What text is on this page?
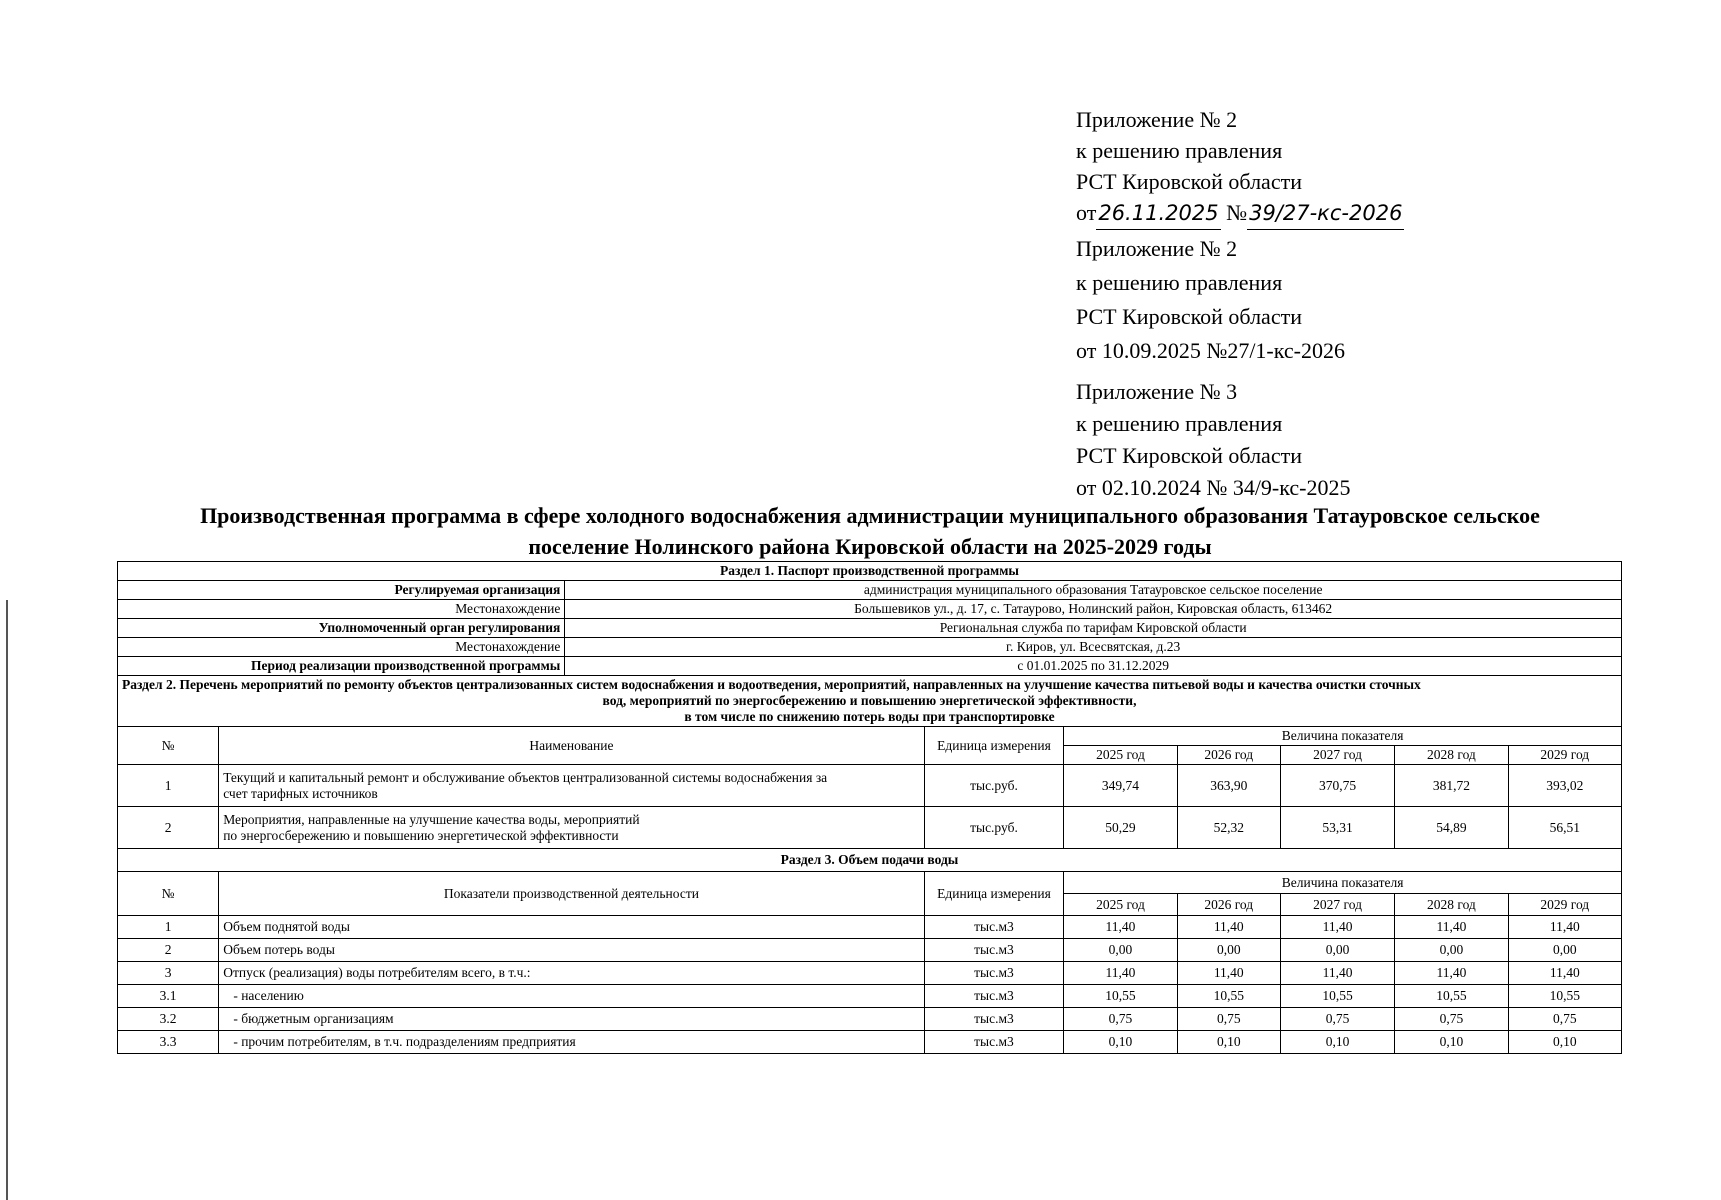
Приложение № 2
к решению правления
РСТ Кировской области
от26.11.2025 №39/27-кс-2026
Приложение № 2
к решению правления
РСТ Кировской области
от 10.09.2025 №27/1-кс-2026
Приложение № 3
к решению правления
РСТ Кировской области
от 02.10.2024 № 34/9-кс-2025
Производственная программа в сфере холодного водоснабжения администрации муниципального образования Татауровское сельское
поселение Нолинского района Кировской области на 2025-2029 годы
Раздел 1. Паспорт производственной программы								
Регулируемая организация		администрация муниципального образования Татауровское сельское поселение						
Местонахождение		Большевиков ул., д. 17, с. Татаурово, Нолинский район, Кировская область, 613462						
Уполномоченный орган регулирования		Региональная служба по тарифам Кировской области						
Местонахождение		г. Киров, ул. Всесвятская, д.23						
Период реализации производственной программы		с 01.01.2025 по 31.12.2029						

Раздел 2. Перечень мероприятий по ремонту объектов централизованных систем водоснабжения и водоотведения, мероприятий, направленных на улучшение качества питьевой воды и качества очистки сточных
вод, мероприятий по энергосбережению и повышению энергетической эффективности,
в том числе по снижению потерь воды при транспортировке								

№	Наименование		Единица измерения	Величина показателя				
				2025 год	2026 год	2027 год	2028 год	2029 год
1	Текущий и капитальный ремонт и обслуживание объектов централизованной системы водоснабжения за
счет тарифных источников		тыс.руб.	349,74	363,90	370,75	381,72	393,02
2	Мероприятия, направленные на улучшение качества воды, мероприятий
по энергосбережению и повышению энергетической эффективности		тыс.руб.	50,29	52,32	53,31	54,89	56,51
Раздел 3. Объем подачи воды								
№	Показатели производственной деятельности		Единица измерения	Величина показателя				
				2025 год	2026 год	2027 год	2028 год	2029 год
1	Объем поднятой воды		тыс.м3	11,40	11,40	11,40	11,40	11,40
2	Объем потерь воды		тыс.м3	0,00	0,00	0,00	0,00	0,00
3	Отпуск (реализация) воды потребителям всего, в т.ч.:		тыс.м3	11,40	11,40	11,40	11,40	11,40
3.1	- населению		тыс.м3	10,55	10,55	10,55	10,55	10,55
3.2	- бюджетным организациям		тыс.м3	0,75	0,75	0,75	0,75	0,75
3.3	- прочим потребителям, в т.ч. подразделениям предприятия		тыс.м3	0,10	0,10	0,10	0,10	0,10
